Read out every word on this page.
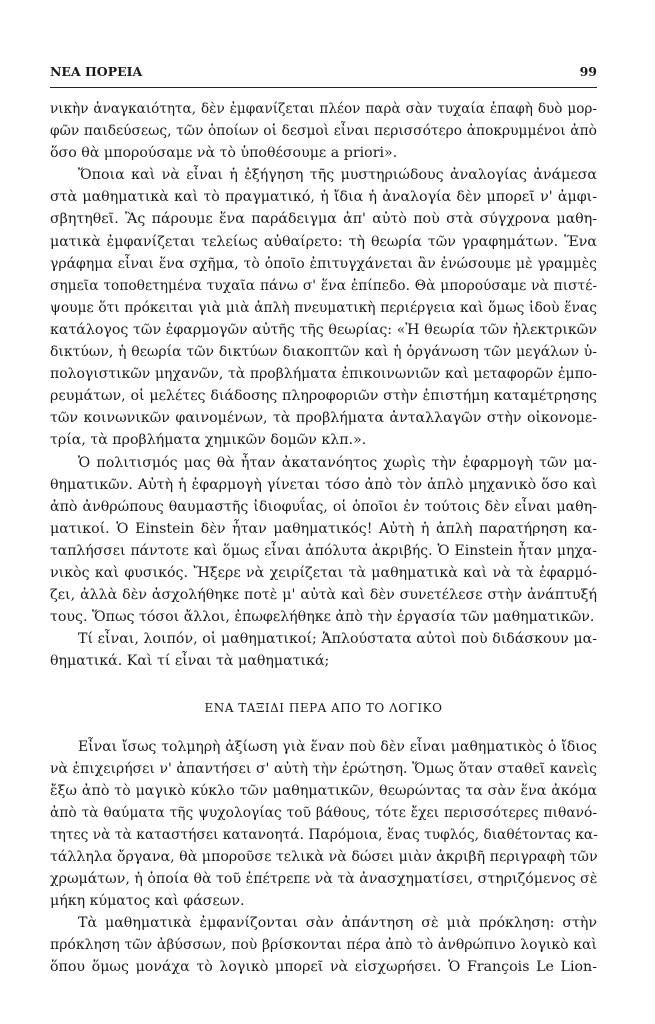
ΝΕΑ ΠΟΡΕΙΑ	99
νικὴν ἀναγκαιότητα, δὲν ἐμφανίζεται πλέον παρὰ σὰν τυχαία ἐπαφὴ δυὸ μορ-
φῶν παιδεύσεως, τῶν ὁποίων οἱ δεσμοὶ εἶναι περισσότερο ἀποκρυμμένοι ἀπὸ
ὅσο θὰ μπορούσαμε νὰ τὸ ὑποθέσουμε a priori».
Ὅποια καὶ νὰ εἶναι ἡ ἐξήγηση τῆς μυστηριώδους ἀναλογίας ἀνάμεσα
στὰ μαθηματικὰ καὶ τὸ πραγματικό, ἡ ἴδια ἡ ἀναλογία δὲν μπορεῖ ν' ἀμφι-
σβητηθεῖ. Ἂς πάρουμε ἕνα παράδειγμα ἀπ' αὐτὸ ποὺ στὰ σύγχρονα μαθη-
ματικὰ ἐμφανίζεται τελείως αὐθαίρετο: τὴ θεωρία τῶν γραφημάτων. Ἕνα
γράφημα εἶναι ἕνα σχῆμα, τὸ ὁποῖο ἐπιτυγχάνεται ἂν ἑνώσουμε μὲ γραμμὲς
σημεῖα τοποθετημένα τυχαῖα πάνω σ' ἕνα ἐπίπεδο. Θὰ μπορούσαμε νὰ πιστέ-
ψουμε ὅτι πρόκειται γιὰ μιὰ ἁπλὴ πνευματικὴ περιέργεια καὶ ὅμως ἰδοὺ ἕνας
κατάλογος τῶν ἐφαρμογῶν αὐτῆς τῆς θεωρίας: «Ἡ θεωρία τῶν ἠλεκτρικῶν
δικτύων, ἡ θεωρία τῶν δικτύων διακοπτῶν καὶ ἡ ὀργάνωση τῶν μεγάλων ὑ-
πολογιστικῶν μηχανῶν, τὰ προβλήματα ἐπικοινωνιῶν καὶ μεταφορῶν ἐμπο-
ρευμάτων, οἱ μελέτες διάδοσης πληροφοριῶν στὴν ἐπιστήμη καταμέτρησης
τῶν κοινωνικῶν φαινομένων, τὰ προβλήματα ἀνταλλαγῶν στὴν οἰκονομε-
τρία, τὰ προβλήματα χημικῶν δομῶν κλπ.».
Ὁ πολιτισμός μας θὰ ἦταν ἀκατανόητος χωρὶς τὴν ἐφαρμογὴ τῶν μα-
θηματικῶν. Αὐτὴ ἡ ἐφαρμογὴ γίνεται τόσο ἀπὸ τὸν ἁπλὸ μηχανικὸ ὅσο καὶ
ἀπὸ ἀνθρώπους θαυμαστῆς ἰδιοφυΐας, οἱ ὁποῖοι ἐν τούτοις δὲν εἶναι μαθη-
ματικοί. Ὁ Einstein δὲν ἦταν μαθηματικός! Αὐτὴ ἡ ἁπλὴ παρατήρηση κα-
ταπλήσσει πάντοτε καὶ ὅμως εἶναι ἀπόλυτα ἀκριβής. Ὁ Einstein ἦταν μηχα-
νικὸς καὶ φυσικός. Ἤξερε νὰ χειρίζεται τὰ μαθηματικὰ καὶ νὰ τὰ ἐφαρμό-
ζει, ἀλλὰ δὲν ἀσχολήθηκε ποτὲ μ' αὐτὰ καὶ δὲν συνετέλεσε στὴν ἀνάπτυξή
τους. Ὅπως τόσοι ἄλλοι, ἐπωφελήθηκε ἀπὸ τὴν ἐργασία τῶν μαθηματικῶν.
Τί εἶναι, λοιπόν, οἱ μαθηματικοί; Ἁπλούστατα αὐτοὶ ποὺ διδάσκουν μα-
θηματικά. Καὶ τί εἶναι τὰ μαθηματικά;
ΕΝΑ ΤΑΞΙΔΙ ΠΕΡΑ ΑΠΟ ΤΟ ΛΟΓΙΚΟ
Εἶναι ἴσως τολμηρὴ ἀξίωση γιὰ ἕναν ποὺ δὲν εἶναι μαθηματικὸς ὁ ἴδιος
νὰ ἐπιχειρήσει ν' ἀπαντήσει σ' αὐτὴ τὴν ἐρώτηση. Ὅμως ὅταν σταθεῖ κανεὶς
ἔξω ἀπὸ τὸ μαγικὸ κύκλο τῶν μαθηματικῶν, θεωρώντας τα σὰν ἕνα ἀκόμα
ἀπὸ τὰ θαύματα τῆς ψυχολογίας τοῦ βάθους, τότε ἔχει περισσότερες πιθανό-
τητες νὰ τὰ καταστήσει κατανοητά. Παρόμοια, ἕνας τυφλός, διαθέτοντας κα-
τάλληλα ὄργανα, θὰ μποροῦσε τελικὰ νὰ δώσει μιὰν ἀκριβῆ περιγραφὴ τῶν
χρωμάτων, ἡ ὁποία θὰ τοῦ ἐπέτρεπε νὰ τὰ ἀνασχηματίσει, στηριζόμενος σὲ
μήκη κύματος καὶ φάσεων.
Τὰ μαθηματικὰ ἐμφανίζονται σὰν ἀπάντηση σὲ μιὰ πρόκληση: στὴν
πρόκληση τῶν ἀβύσσων, ποὺ βρίσκονται πέρα ἀπὸ τὸ ἀνθρώπινο λογικὸ καὶ
ὅπου ὅμως μονάχα τὸ λογικὸ μπορεῖ νὰ εἰσχωρήσει. Ὁ François Le Lion-
